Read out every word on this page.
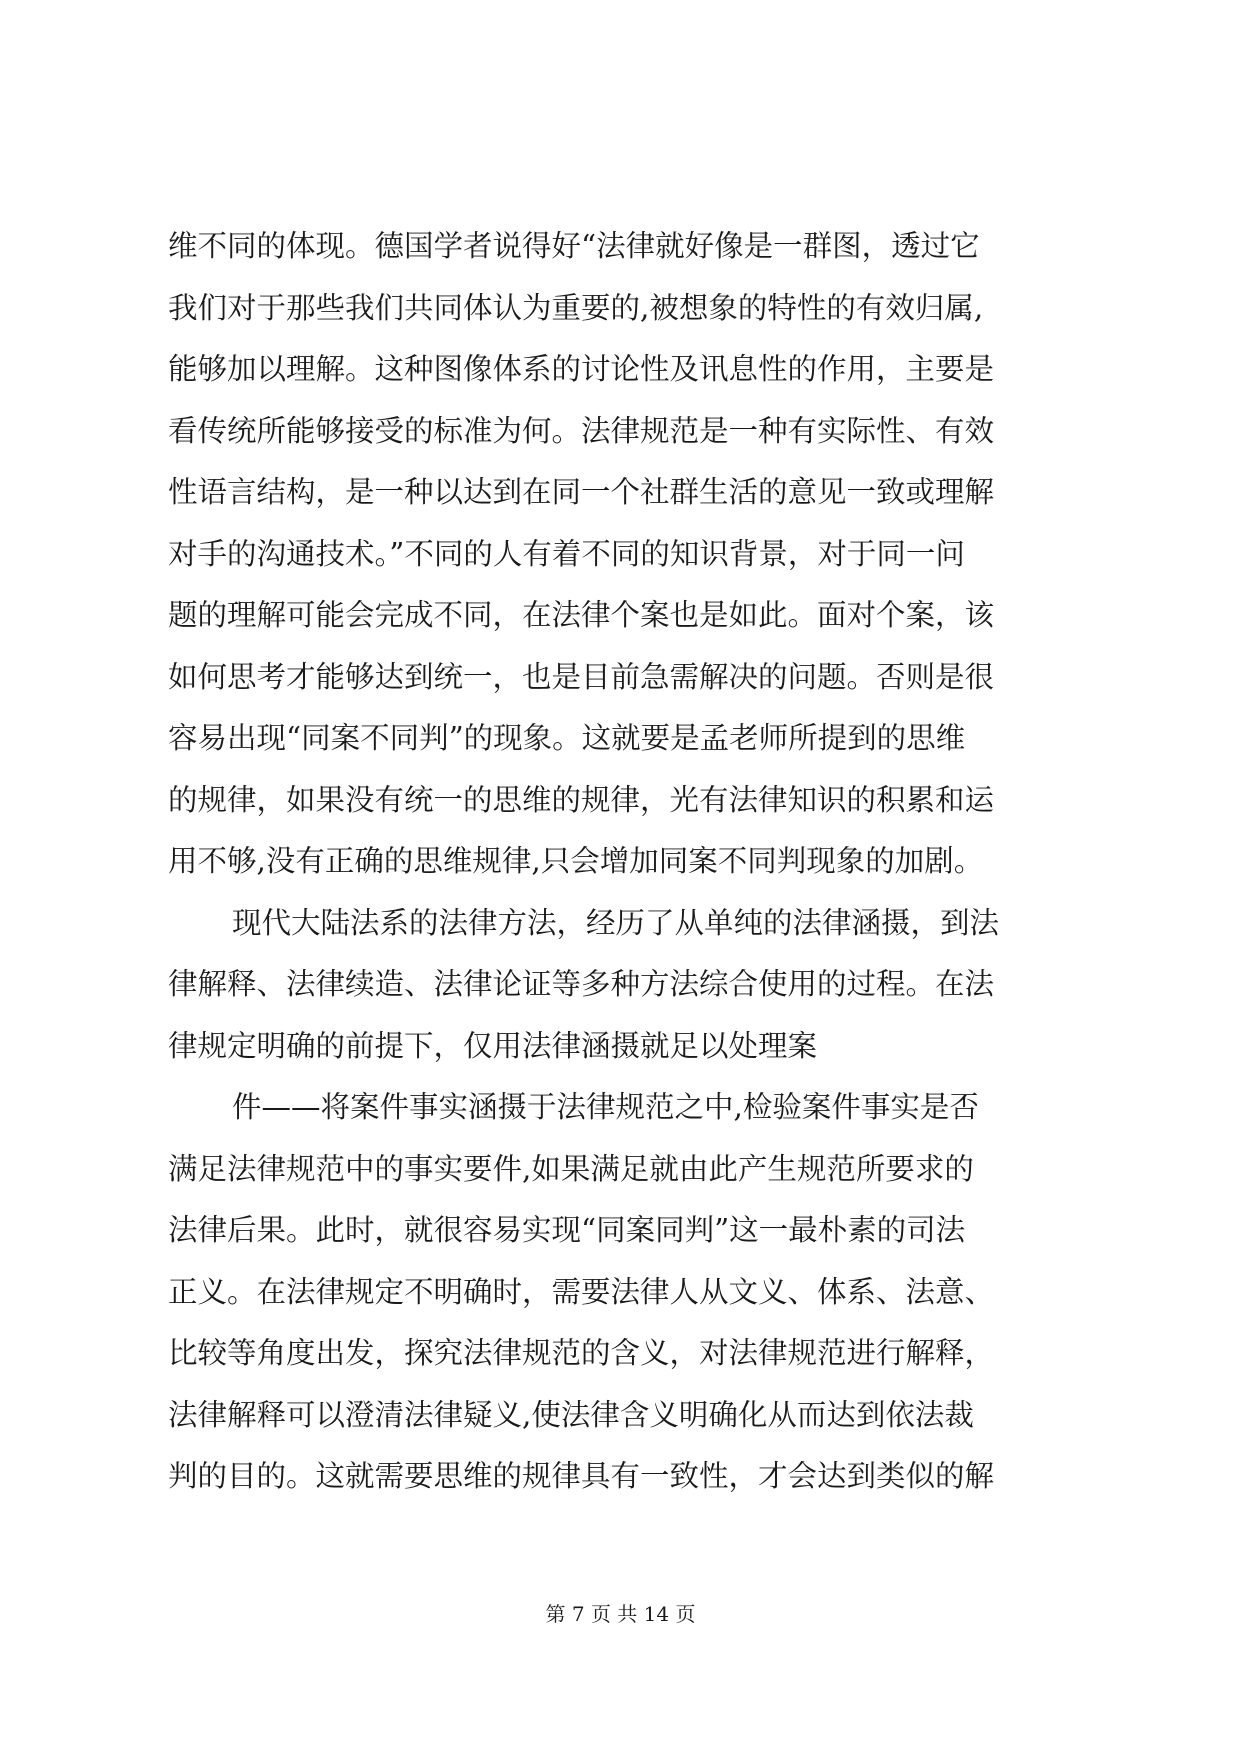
维不同的体现。德国学者说得好“法律就好像是一群图，透过它
我们对于那些我们共同体认为重要的,被想象的特性的有效归属,
能够加以理解。这种图像体系的讨论性及讯息性的作用，主要是
看传统所能够接受的标准为何。法律规范是一种有实际性、有效
性语言结构，是一种以达到在同一个社群生活的意见一致或理解
对手的沟通技术。”不同的人有着不同的知识背景，对于同一问
题的理解可能会完成不同，在法律个案也是如此。面对个案，该
如何思考才能够达到统一，也是目前急需解决的问题。否则是很
容易出现“同案不同判”的现象。这就要是孟老师所提到的思维
的规律，如果没有统一的思维的规律，光有法律知识的积累和运
用不够,没有正确的思维规律,只会增加同案不同判现象的加剧。
现代大陆法系的法律方法，经历了从单纯的法律涵摄，到法
律解释、法律续造、法律论证等多种方法综合使用的过程。在法
律规定明确的前提下，仅用法律涵摄就足以处理案
件——将案件事实涵摄于法律规范之中,检验案件事实是否
满足法律规范中的事实要件,如果满足就由此产生规范所要求的
法律后果。此时，就很容易实现“同案同判”这一最朴素的司法
正义。在法律规定不明确时，需要法律人从文义、体系、法意、
比较等角度出发，探究法律规范的含义，对法律规范进行解释，
法律解释可以澄清法律疑义,使法律含义明确化从而达到依法裁
判的目的。这就需要思维的规律具有一致性，才会达到类似的解
第 7 页 共 14 页
